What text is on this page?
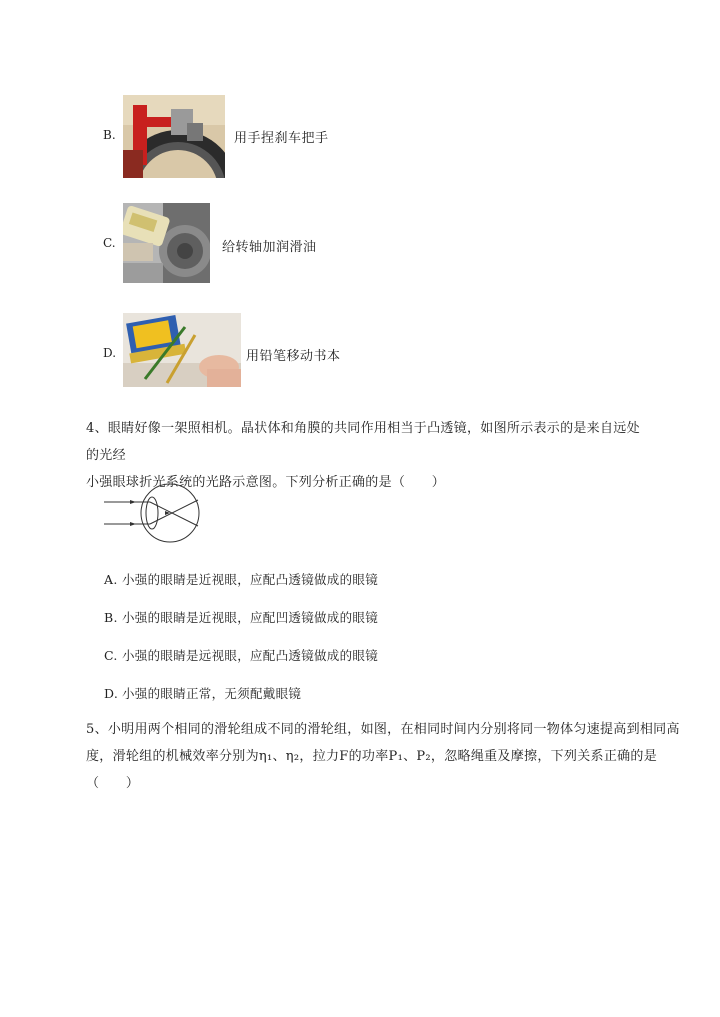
B.	用手捏刹车把手
C.	给转轴加润滑油
D.	用铅笔移动书本
4、眼睛好像一架照相机。晶状体和角膜的共同作用相当于凸透镜，如图所示表示的是来自远处的光经
小强眼球折光系统的光路示意图。下列分析正确的是（　　）
A. 小强的眼睛是近视眼，应配凸透镜做成的眼镜
B. 小强的眼睛是近视眼，应配凹透镜做成的眼镜
C. 小强的眼睛是远视眼，应配凸透镜做成的眼镜
D. 小强的眼睛正常，无须配戴眼镜
5、小明用两个相同的滑轮组成不同的滑轮组，如图，在相同时间内分别将同一物体匀速提高到相同高
度，滑轮组的机械效率分别为η₁、η₂，拉力F的功率P₁、P₂，忽略绳重及摩擦，下列关系正确的是
（　　）
